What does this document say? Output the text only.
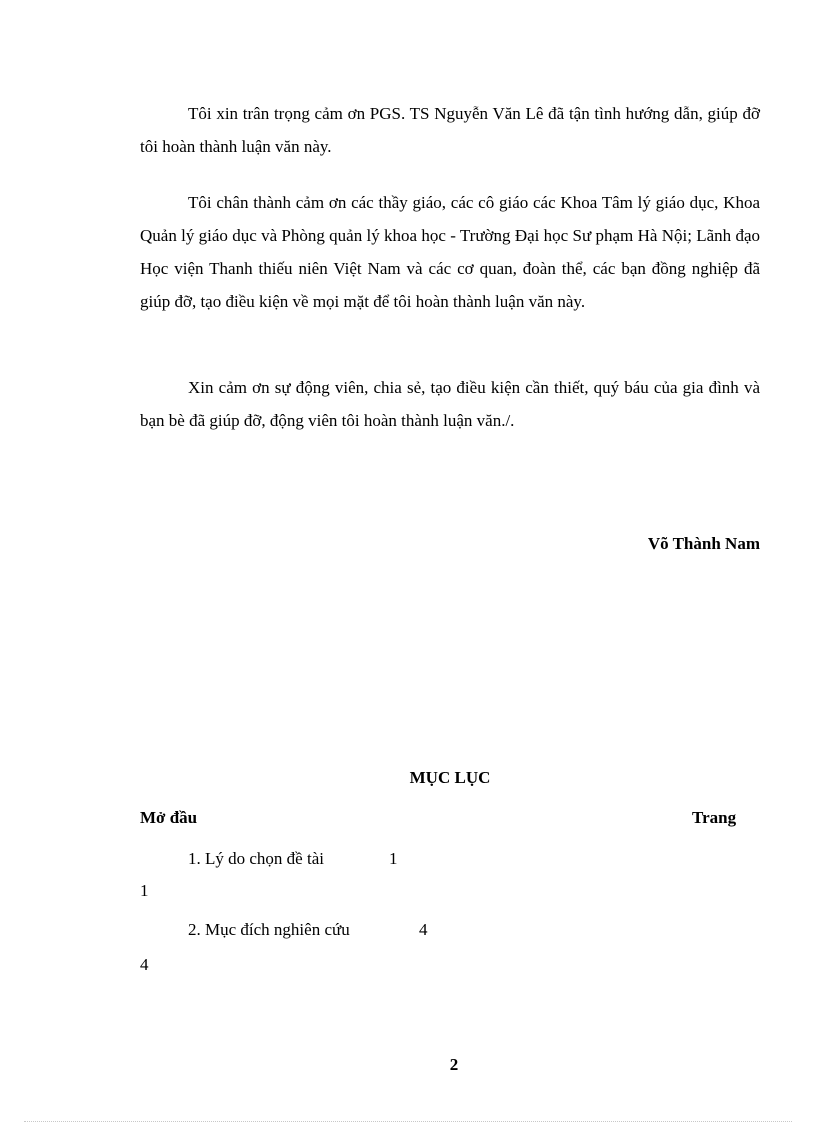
Tôi xin trân trọng cảm ơn PGS. TS Nguyễn Văn Lê đã tận tình hướng dẫn, giúp đỡ tôi hoàn thành luận văn này.

Tôi chân thành cảm ơn các thầy giáo, các cô giáo các Khoa Tâm lý giáo dục, Khoa Quản lý giáo dục và Phòng quản lý khoa học - Trường Đại học Sư phạm Hà Nội; Lãnh đạo Học viện Thanh thiếu niên Việt Nam và các cơ quan, đoàn thể, các bạn đồng nghiệp đã giúp đỡ, tạo điều kiện về mọi mặt để tôi hoàn thành luận văn này.

Xin cảm ơn sự động viên, chia sẻ, tạo điều kiện cần thiết, quý báu của gia đình và bạn bè đã giúp đỡ, động viên tôi hoàn thành luận văn./.

Võ Thành Nam
MỤC LỤC
Mở đầu	Trang
1. Lý do chọn đề tài	1
1
2. Mục đích nghiên cứu	4
4
2
